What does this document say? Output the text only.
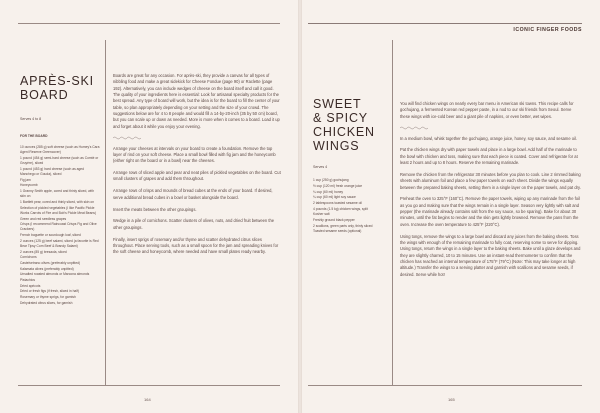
APRÈS-SKI
BOARD
Serves 4 to 8

FOR THE BOARD

10 ounces (285 g) soft cheese (such as Humey's Cara Agenl Reserve Greencover)
1 pound (454 g) semi-hard cheese (such as Comté or Gruyère), sliced
1 pound (453 g) hard cheese (such as aged Manchego or Gouda), sliced
Fig jam
Honeycomb
1 Granny Smith apple, cored and thinly sliced, with skin on
1 Bartlett pear, cored and thinly sliced, with skin on
Selection of pickled vegetables (I like Pacific Pickle Works Carrots of Fire and Bob's Pickle Meat Beans)
Green and red seedless grapes
Crisps (I recommend Raincoast Crisps Fig and Olive Crackers)
French baguette or sourdough loaf, sliced
2 ounces (125 g) beef salami, sliced (a favorite is Red Bear Tipsy Corn Beef & Brandy Salami)
2 ounces (85 g) bresaola, sliced
Cornichons
Castelvetrano olives (preferably unpitted)
Kalamata olives (preferably unpitted)
Unsalted roasted almonds or Marcona almonds
Pistachios
Dried apricots
Dried or fresh figs (if fresh, sliced in half)
Rosemary or thyme sprigs, for garnish
Dehydrated citrus slices, for garnish

Boards are great for any occasion. For après-ski, they provide a canvas for all types of nibbling food and make a great sidekick for Cheese Fondue (page 90) or Raclette (page 192). Alternatively, you can include wedges of cheese on the board itself and call it good. The quality of your ingredients here is essential: Look for artisanal specialty products for the best spread. Any type of board will work, but the idea is for the board to fill the center of your table, so plan appropriately depending on your setting and the size of your crowd. The suggestions below are for 4 to 8 people and would fill a 14-by-20-inch (35 by 50 cm) board, but you can scale up or down as needed. More is more when it comes to a board. Load it up and forget about it while you enjoy your evening.

Arrange your cheeses at intervals on your board to create a foundation. Remove the top layer of rind on your soft cheese. Place a small bowl filled with fig jam and the honeycomb (either right on the board or in a bowl) near the cheeses.

Arrange rows of sliced apple and pear and neat piles of pickled vegetables on the board. Cut small clusters of grapes and add them throughout.

Arrange rows of crisps and mounds of bread cubes at the ends of your board. If desired, serve additional bread cubes in a bowl or basket alongside the board.

Insert the meats between the other groupings.

Wedge in a pile of cornichons. Scatter clusters of olives, nuts, and dried fruit between the other groupings.

Finally, insert sprigs of rosemary and/or thyme and scatter dehydrated citrus slices throughout. Place serving tools, such as a small spoon for the jam and spreading knives for the soft cheese and honeycomb, where needed and have small plates ready nearby.

164
ICONIC FINGER FOODS
SWEET
& SPICY
CHICKEN
WINGS
Serves 4

1 cup (250 g) gochujang
½ cup (120 ml) fresh orange juice
¼ cup (60 ml) honey
¼ cup (60 ml) light soy sauce
2 tablespoons toasted sesame oil
4 pounds (1.5 kg) chicken wings, split
Kosher salt
Freshly ground black pepper
2 scallions, green parts only, thinly sliced
Toasted sesame seeds (optional)

You will find chicken wings on nearly every bar menu in American ski towns. This recipe calls for gochujang, a fermented Korean red pepper paste, in a nod to our ski friends from Seoul. Serve these wings with ice-cold beer and a giant pile of napkins, or even better, wet wipes.

In a medium bowl, whisk together the gochujang, orange juice, honey, soy sauce, and sesame oil.

Pat the chicken wings dry with paper towels and place in a large bowl. Add half of the marinade to the bowl with chicken and toss, making sure that each piece is coated. Cover and refrigerate for at least 2 hours and up to 8 hours. Reserve the remaining marinade.

Remove the chicken from the refrigerator 30 minutes before you plan to cook. Line 2 rimmed baking sheets with aluminum foil and place a few paper towels on each sheet. Divide the wings equally between the prepared baking sheets, setting them in a single layer on the paper towels, and pat dry.

Preheat the oven to 325°F (160°C). Remove the paper towels, wiping up any marinade from the foil as you go and making sure that the wings remain in a single layer. Season very lightly with salt and pepper (the marinade already contains salt from the soy sauce, so be sparing). Bake for about 30 minutes, until the fat begins to render and the skin gets lightly browned. Remove the pans from the oven. Increase the oven temperature to 425°F (220°C).

Using tongs, remove the wings to a large bowl and discard any juices from the baking sheets. Toss the wings with enough of the remaining marinade to fully coat, reserving some to serve for dipping. Using tongs, return the wings in a single layer to the baking sheets. Bake until a glaze develops and they are slightly charred, 10 to 15 minutes. Use an instant-read thermometer to confirm that the chicken has reached an internal temperature of 175°F (79°C) (Note: This may take longer at high altitude.) Transfer the wings to a serving platter and garnish with scallions and sesame seeds, if desired. Serve while hot!

165
